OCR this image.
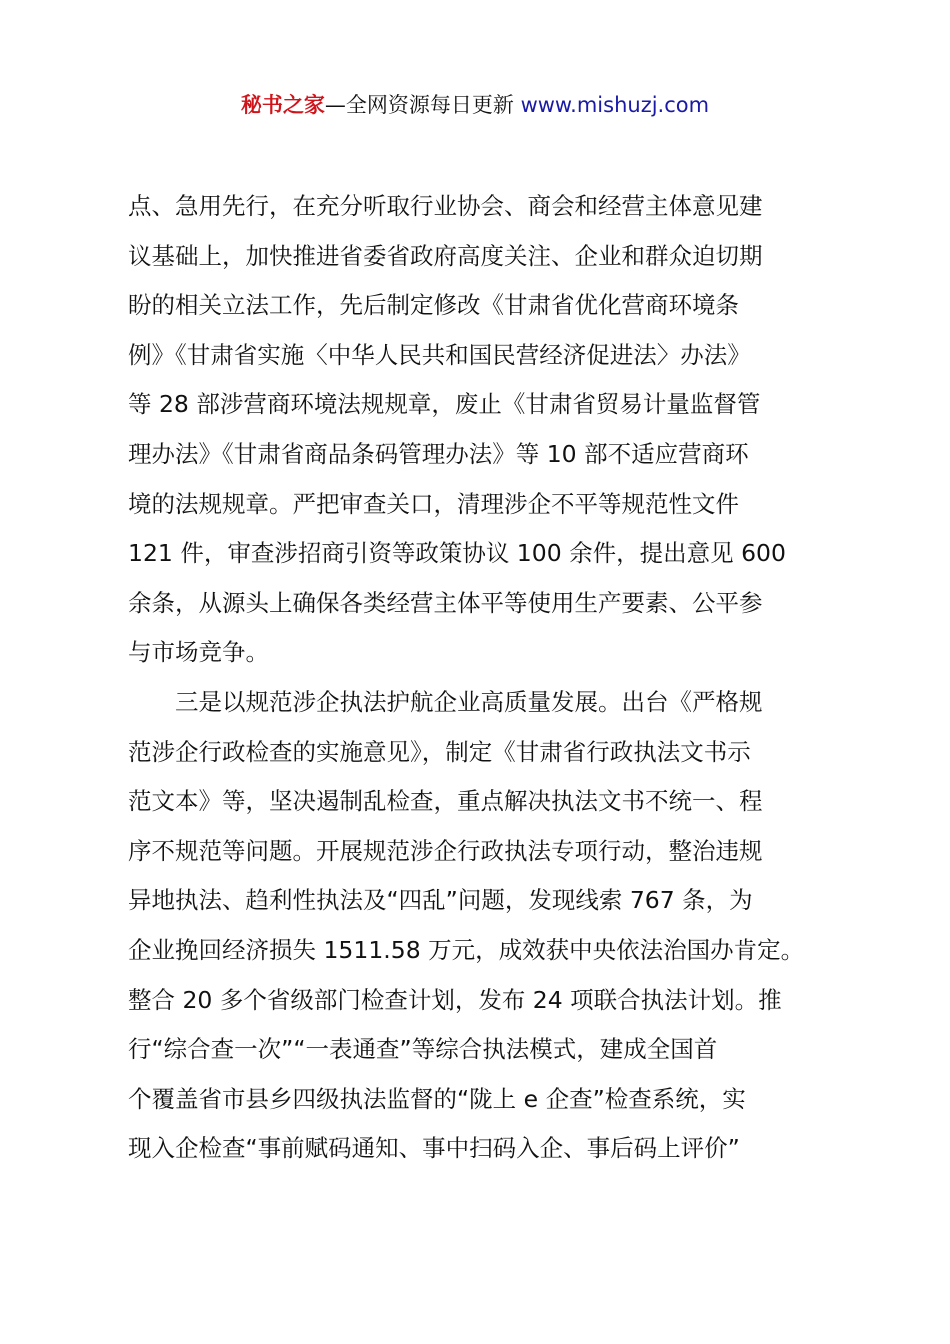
秘书之家—全网资源每日更新 www.mishuzj.com
点、急用先行，在充分听取行业协会、商会和经营主体意见建
议基础上，加快推进省委省政府高度关注、企业和群众迫切期
盼的相关立法工作，先后制定修改《甘肃省优化营商环境条
例》《甘肃省实施〈中华人民共和国民营经济促进法〉办法》
等 28 部涉营商环境法规规章，废止《甘肃省贸易计量监督管
理办法》《甘肃省商品条码管理办法》等 10 部不适应营商环
境的法规规章。严把审查关口，清理涉企不平等规范性文件
121 件，审查涉招商引资等政策协议 100 余件，提出意见 600
余条，从源头上确保各类经营主体平等使用生产要素、公平参
与市场竞争。
三是以规范涉企执法护航企业高质量发展。出台《严格规
范涉企行政检查的实施意见》，制定《甘肃省行政执法文书示
范文本》等，坚决遏制乱检查，重点解决执法文书不统一、程
序不规范等问题。开展规范涉企行政执法专项行动，整治违规
异地执法、趋利性执法及“四乱”问题，发现线索 767 条，为
企业挽回经济损失 1511.58 万元，成效获中央依法治国办肯定。
整合 20 多个省级部门检查计划，发布 24 项联合执法计划。推
行“综合查一次”“一表通查”等综合执法模式，建成全国首
个覆盖省市县乡四级执法监督的“陇上 e 企查”检查系统，实
现入企检查“事前赋码通知、事中扫码入企、事后码上评价”
